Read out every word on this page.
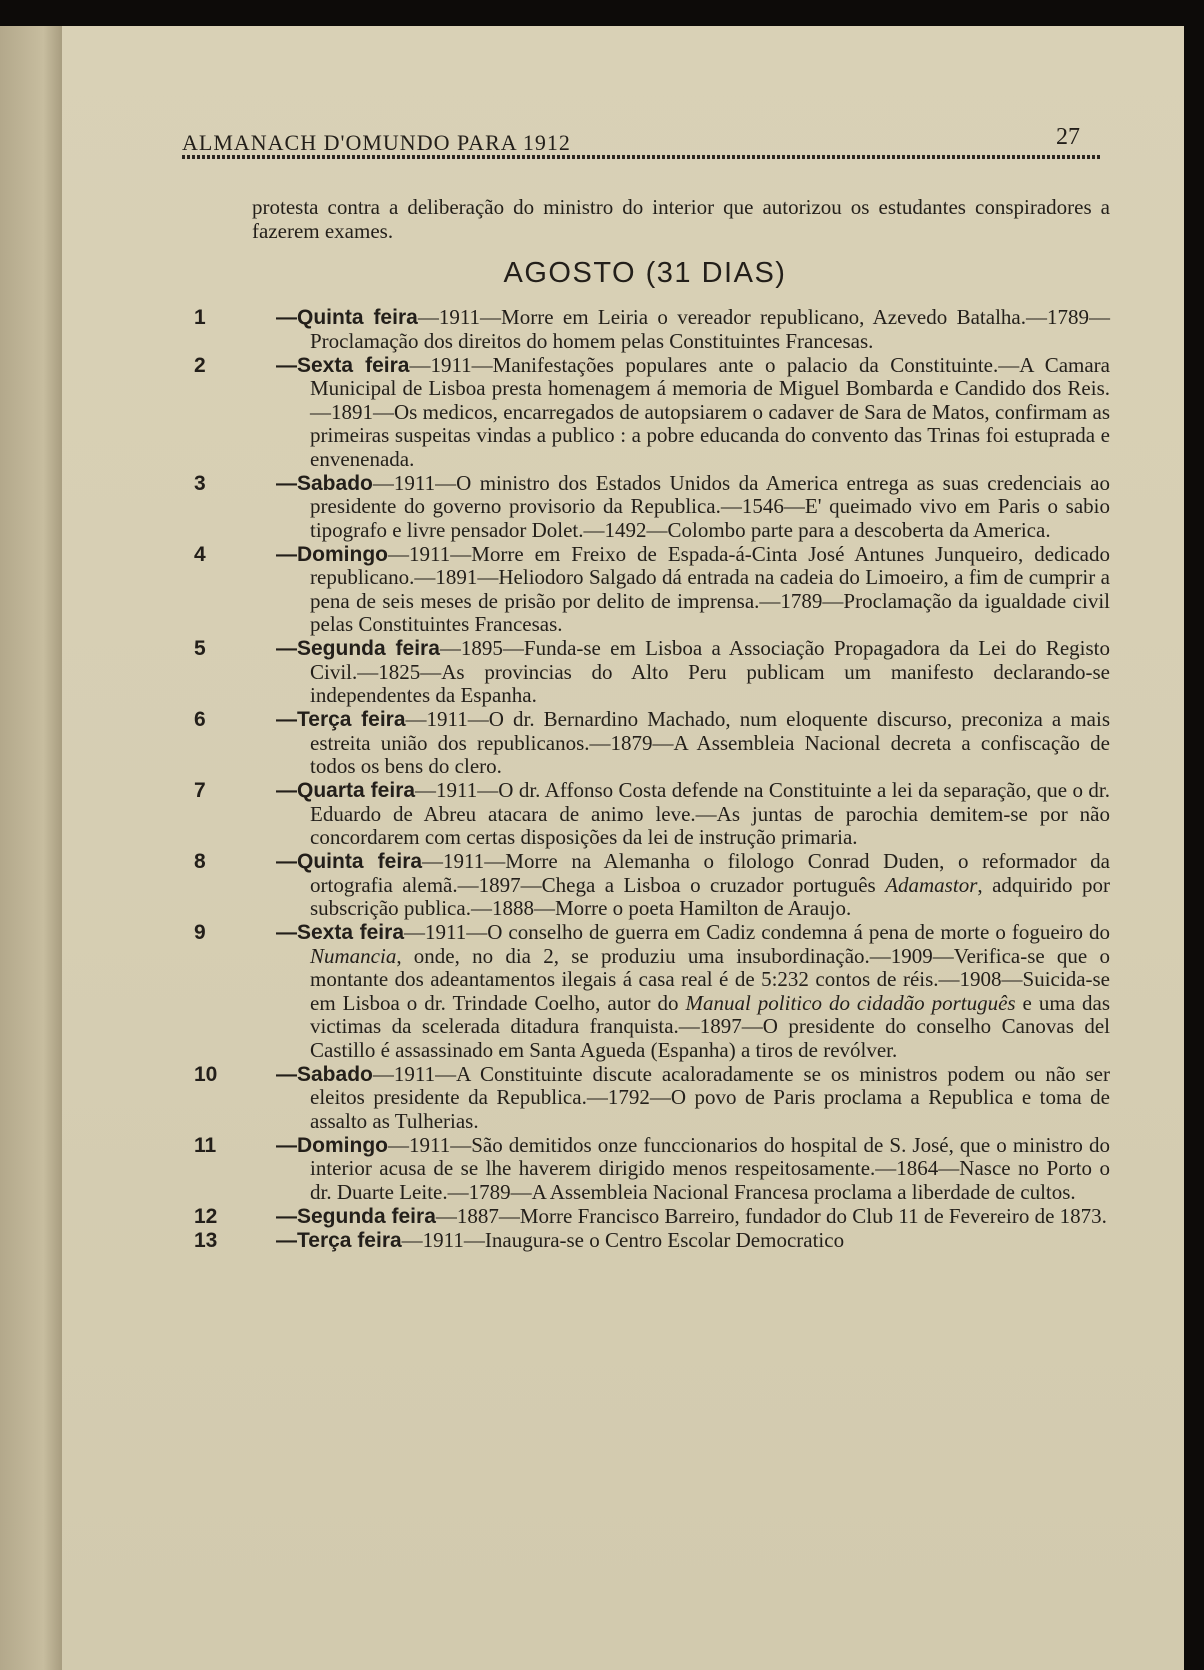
ALMANACH D'OMUNDO PARA 1912	27

protesta contra a deliberação do ministro do interior que autorizou os estudantes conspiradores a fazerem exames.

AGOSTO (31 DIAS)
1	—Quinta feira—1911—Morre em Leiria o vereador republicano, Azevedo Batalha.—1789—Proclamação dos direitos do homem pelas Constituintes Francesas.
2	—Sexta feira—1911—Manifestações populares ante o palacio da Constituinte.—A Camara Municipal de Lisboa presta homenagem á memoria de Miguel Bombarda e Candido dos Reis.—1891—Os medicos, encarregados de autopsiarem o cadaver de Sara de Matos, confirmam as primeiras suspeitas vindas a publico : a pobre educanda do convento das Trinas foi estuprada e envenenada.
3	—Sabado—1911—O ministro dos Estados Unidos da America entrega as suas credenciais ao presidente do governo provisorio da Republica.—1546—E' queimado vivo em Paris o sabio tipografo e livre pensador Dolet.—1492—Colombo parte para a descoberta da America.
4	—Domingo—1911—Morre em Freixo de Espada-á-Cinta José Antunes Junqueiro, dedicado republicano.—1891—Heliodoro Salgado dá entrada na cadeia do Limoeiro, a fim de cumprir a pena de seis meses de prisão por delito de imprensa.—1789—Proclamação da igualdade civil pelas Constituintes Francesas.
5	—Segunda feira—1895—Funda-se em Lisboa a Associação Propagadora da Lei do Registo Civil.—1825—As provincias do Alto Peru publicam um manifesto declarando-se independentes da Espanha.
6	—Terça feira—1911—O dr. Bernardino Machado, num eloquente discurso, preconiza a mais estreita união dos republicanos.—1879—A Assembleia Nacional decreta a confiscação de todos os bens do clero.
7	—Quarta feira—1911—O dr. Affonso Costa defende na Constituinte a lei da separação, que o dr. Eduardo de Abreu atacara de animo leve.—As juntas de parochia demitem-se por não concordarem com certas disposições da lei de instrução primaria.
8	—Quinta feira—1911—Morre na Alemanha o filologo Conrad Duden, o reformador da ortografia alemã.—1897—Chega a Lisboa o cruzador português Adamastor, adquirido por subscrição publica.—1888—Morre o poeta Hamilton de Araujo.
9	—Sexta feira—1911—O conselho de guerra em Cadiz condemna á pena de morte o fogueiro do Numancia, onde, no dia 2, se produziu uma insubordinação.—1909—Verifica-se que o montante dos adeantamentos ilegais á casa real é de 5:232 contos de réis.—1908—Suicida-se em Lisboa o dr. Trindade Coelho, autor do Manual politico do cidadão português e uma das victimas da scelerada ditadura franquista.—1897—O presidente do conselho Canovas del Castillo é assassinado em Santa Agueda (Espanha) a tiros de revólver.
10	—Sabado—1911—A Constituinte discute acaloradamente se os ministros podem ou não ser eleitos presidente da Republica.—1792—O povo de Paris proclama a Republica e toma de assalto as Tulherias.
11	—Domingo—1911—São demitidos onze funccionarios do hospital de S. José, que o ministro do interior acusa de se lhe haverem dirigido menos respeitosamente.—1864—Nasce no Porto o dr. Duarte Leite.—1789—A Assembleia Nacional Francesa proclama a liberdade de cultos.
12	—Segunda feira—1887—Morre Francisco Barreiro, fundador do Club 11 de Fevereiro de 1873.
13	—Terça feira—1911—Inaugura-se o Centro Escolar Democratico
